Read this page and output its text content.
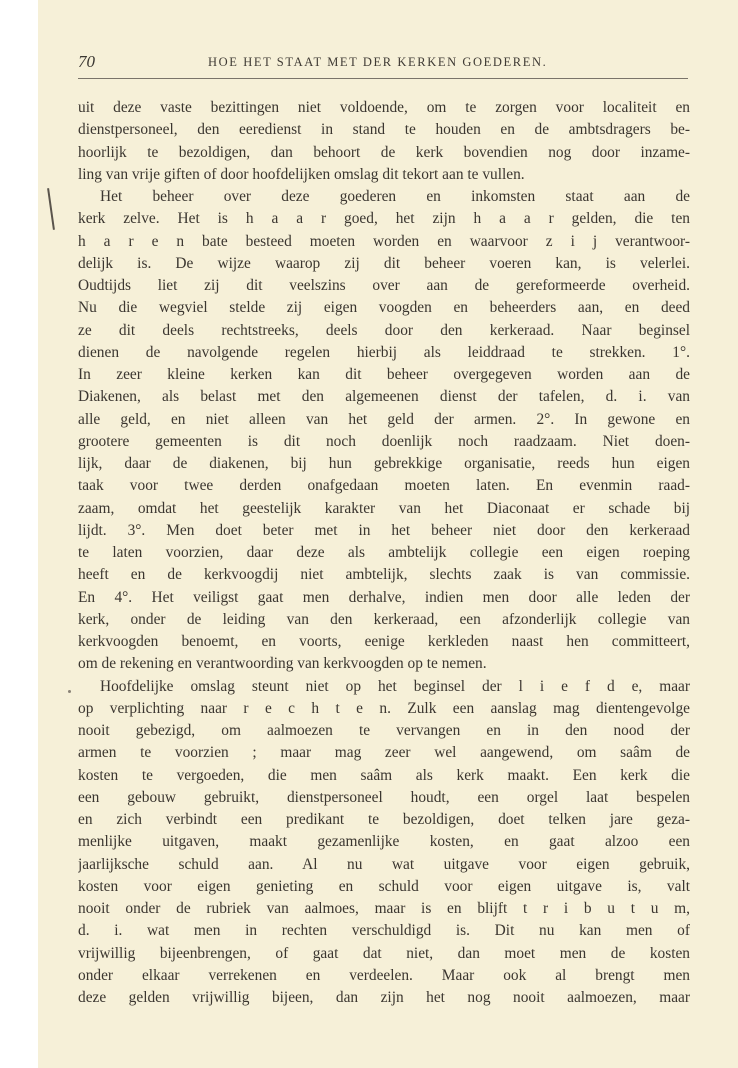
70	HOE HET STAAT MET DER KERKEN GOEDEREN.
uit deze vaste bezittingen niet voldoende, om te zorgen voor localiteit en
dienstpersoneel, den eeredienst in stand te houden en de ambtsdragers be-
hoorlijk te bezoldigen, dan behoort de kerk bovendien nog door inzame-
ling van vrije giften of door hoofdelijken omslag dit tekort aan te vullen.
Het beheer over deze goederen en inkomsten staat aan de
kerk zelve. Het is h a a r goed, het zijn h a a r gelden, die ten
h a r e n bate besteed moeten worden en waarvoor z i j verantwoor-
delijk is. De wijze waarop zij dit beheer voeren kan, is velerlei.
Oudtijds liet zij dit veelszins over aan de gereformeerde overheid.
Nu die wegviel stelde zij eigen voogden en beheerders aan, en deed
ze dit deels rechtstreeks, deels door den kerkeraad. Naar beginsel
dienen de navolgende regelen hierbij als leiddraad te strekken. 1°.
In zeer kleine kerken kan dit beheer overgegeven worden aan de
Diakenen, als belast met den algemeenen dienst der tafelen, d. i. van
alle geld, en niet alleen van het geld der armen. 2°. In gewone en
grootere gemeenten is dit noch doenlijk noch raadzaam. Niet doen-
lijk, daar de diakenen, bij hun gebrekkige organisatie, reeds hun eigen
taak voor twee derden onafgedaan moeten laten. En evenmin raad-
zaam, omdat het geestelijk karakter van het Diaconaat er schade bij
lijdt. 3°. Men doet beter met in het beheer niet door den kerkeraad
te laten voorzien, daar deze als ambtelijk collegie een eigen roeping
heeft en de kerkvoogdij niet ambtelijk, slechts zaak is van commissie.
En 4°. Het veiligst gaat men derhalve, indien men door alle leden der
kerk, onder de leiding van den kerkeraad, een afzonderlijk collegie van
kerkvoogden benoemt, en voorts, eenige kerkleden naast hen committeert,
om de rekening en verantwoording van kerkvoogden op te nemen.
Hoofdelijke omslag steunt niet op het beginsel der l i e f d e, maar
op verplichting naar r e c h t e n. Zulk een aanslag mag dientengevolge
nooit gebezigd, om aalmoezen te vervangen en in den nood der
armen te voorzien ; maar mag zeer wel aangewend, om saâm de
kosten te vergoeden, die men saâm als kerk maakt. Een kerk die
een gebouw gebruikt, dienstpersoneel houdt, een orgel laat bespelen
en zich verbindt een predikant te bezoldigen, doet telken jare geza-
menlijke uitgaven, maakt gezamenlijke kosten, en gaat alzoo een
jaarlijksche schuld aan. Al nu wat uitgave voor eigen gebruik,
kosten voor eigen genieting en schuld voor eigen uitgave is, valt
nooit onder de rubriek van aalmoes, maar is en blijft t r i b u t u m,
d. i. wat men in rechten verschuldigd is. Dit nu kan men of
vrijwillig bijeenbrengen, of gaat dat niet, dan moet men de kosten
onder elkaar verrekenen en verdeelen. Maar ook al brengt men
deze gelden vrijwillig bijeen, dan zijn het nog nooit aalmoezen, maar
